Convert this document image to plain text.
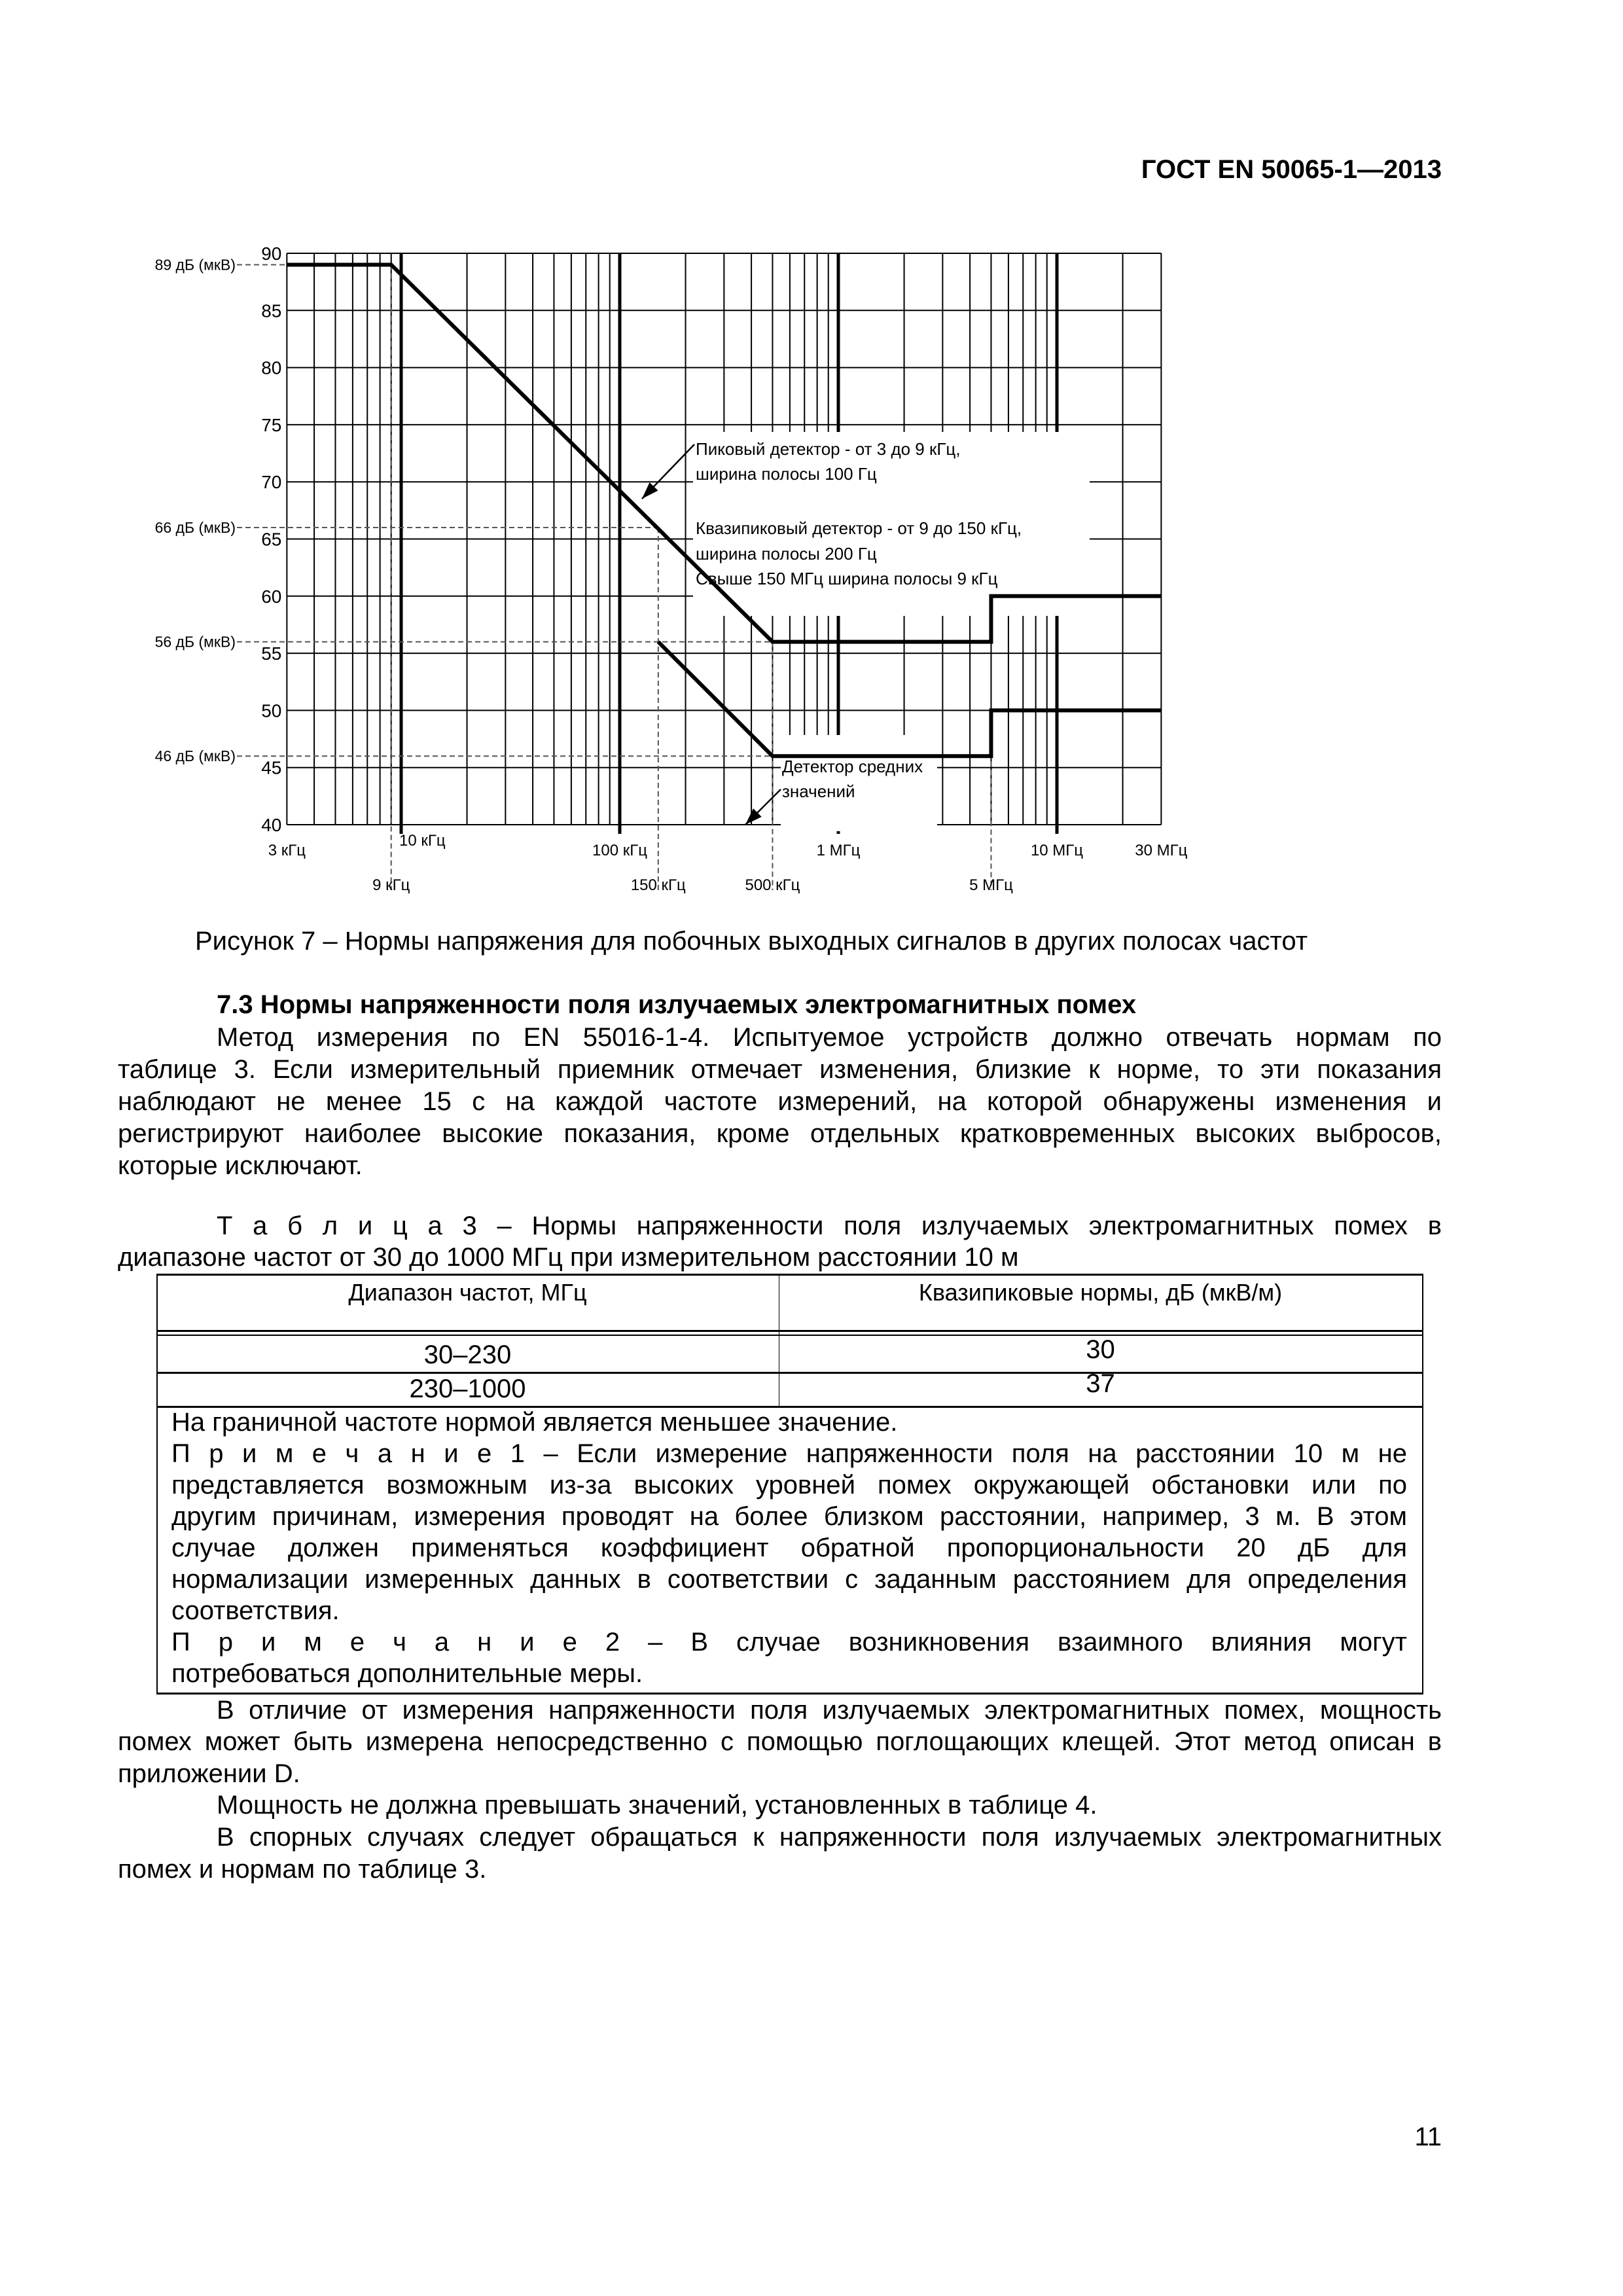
ГОСТ EN 50065-1—2013
90
85
80
75
70
65
60
55
50
45
40
89 дБ (мкВ)
66 дБ (мкВ)
56 дБ (мкВ)
46 дБ (мкВ)
3 кГц
10 кГц
100 кГц	1 МГц	10 МГц	30 МГц
9 кГц	150 кГц	500 кГц	5 МГц
Пиковый детектор - от 3 до 9 кГц,
ширина полосы 100 Гц
Квазипиковый детектор - от 9 до 150 кГц,
ширина полосы 200 Гц
Свыше 150 МГц ширина полосы 9 кГц
Детектор средних
значений
Рисунок 7 – Нормы напряжения для побочных выходных сигналов в других полосах частот
7.3 Нормы напряженности поля излучаемых электромагнитных помех
Метод измерения по EN 55016-1-4. Испытуемое устройств должно отвечать нормам по
таблице 3. Если измерительный приемник отмечает изменения, близкие к норме, то эти показания
наблюдают не менее 15 с на каждой частоте измерений, на которой обнаружены изменения и
регистрируют наиболее высокие показания, кроме отдельных кратковременных высоких выбросов,
которые исключают.
Т а б л и ц а 3 – Нормы напряженности поля излучаемых электромагнитных помех в
диапазоне частот от 30 до 1000 МГц при измерительном расстоянии 10 м
Диапазон частот, МГц	Квазипиковые нормы, дБ (мкВ/м)
30–230	30
230–1000	37
На граничной частоте нормой является меньшее значение.
П р и м е ч а н и е 1 – Если измерение напряженности поля на расстоянии 10 м не
представляется возможным из-за высоких уровней помех окружающей обстановки или по
другим причинам, измерения проводят на более близком расстоянии, например, 3 м. В этом
случае должен применяться коэффициент обратной пропорциональности 20 дБ для
нормализации измеренных данных в соответствии с заданным расстоянием для определения
соответствия.
П р и м е ч а н и е 2 – В случае возникновения взаимного влияния могут
потребоваться дополнительные меры.
В отличие от измерения напряженности поля излучаемых электромагнитных помех, мощность
помех может быть измерена непосредственно с помощью поглощающих клещей. Этот метод описан в
приложении D.
Мощность не должна превышать значений, установленных в таблице 4.
В спорных случаях следует обращаться к напряженности поля излучаемых электромагнитных
помех и нормам по таблице 3.
11
